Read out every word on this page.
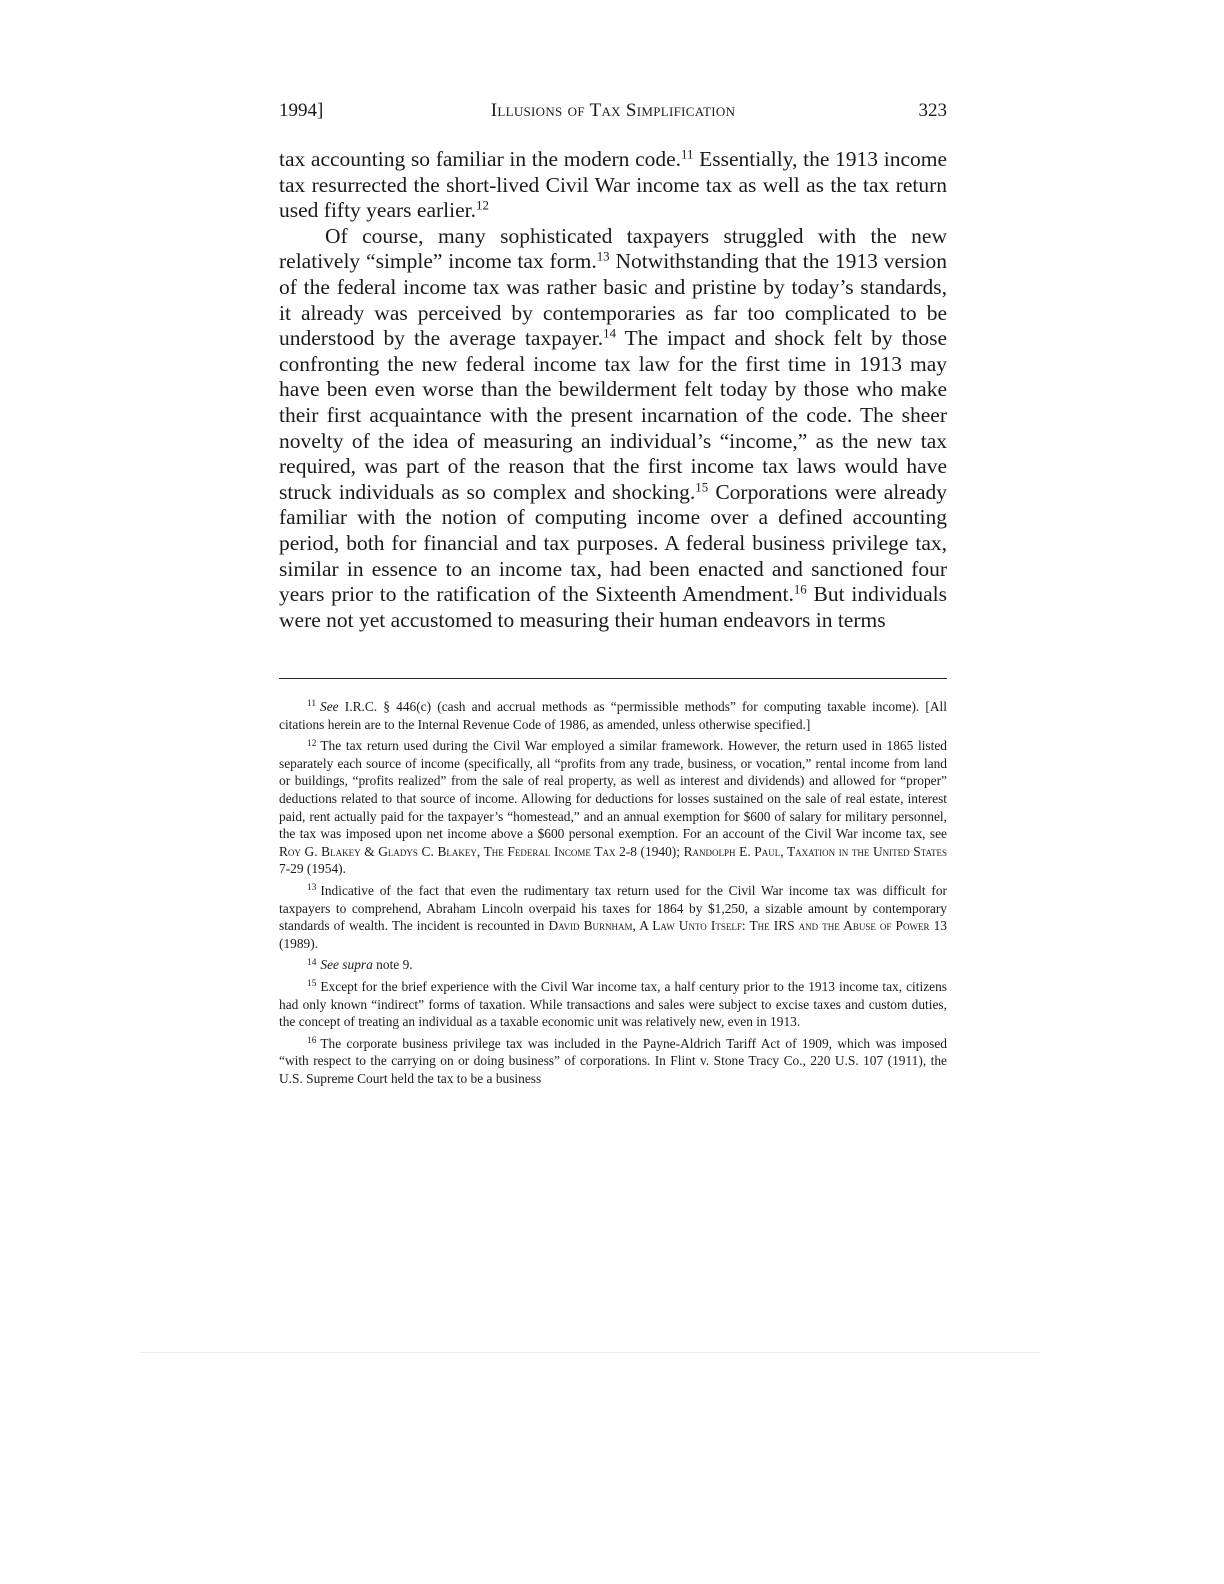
1994]	Illusions of Tax Simplification	323

tax accounting so familiar in the modern code.$^{11}$ Essentially, the 1913 income tax resurrected the short-lived Civil War income tax as well as the tax return used fifty years earlier.$^{12}$

Of course, many sophisticated taxpayers struggled with the new relatively “simple” income tax form.$^{13}$ Notwithstanding that the 1913 version of the federal income tax was rather basic and pristine by today’s standards, it already was perceived by contemporaries as far too complicated to be understood by the average taxpayer.$^{14}$ The impact and shock felt by those confronting the new federal income tax law for the first time in 1913 may have been even worse than the bewilderment felt today by those who make their first acquaintance with the present incarnation of the code. The sheer novelty of the idea of measuring an individual’s “income,” as the new tax required, was part of the reason that the first income tax laws would have struck individuals as so complex and shocking.$^{15}$ Corporations were already familiar with the notion of computing income over a defined accounting period, both for financial and tax purposes. A federal business privilege tax, similar in essence to an income tax, had been enacted and sanctioned four years prior to the ratification of the Sixteenth Amendment.$^{16}$ But individuals were not yet accustomed to measuring their human endeavors in terms

$^{11}$ See I.R.C. § 446(c) (cash and accrual methods as “permissible methods” for computing taxable income). [All citations herein are to the Internal Revenue Code of 1986, as amended, unless otherwise specified.]

$^{12}$ The tax return used during the Civil War employed a similar framework. However, the return used in 1865 listed separately each source of income (specifically, all “profits from any trade, business, or vocation,” rental income from land or buildings, “profits realized” from the sale of real property, as well as interest and dividends) and allowed for “proper” deductions related to that source of income. Allowing for deductions for losses sustained on the sale of real estate, interest paid, rent actually paid for the taxpayer’s “homestead,” and an annual exemption for $600 of salary for military personnel, the tax was imposed upon net income above a $600 personal exemption. For an account of the Civil War income tax, see Roy G. Blakey & Gladys C. Blakey, The Federal Income Tax 2-8 (1940); Randolph E. Paul, Taxation in the United States 7-29 (1954).

$^{13}$ Indicative of the fact that even the rudimentary tax return used for the Civil War income tax was difficult for taxpayers to comprehend, Abraham Lincoln overpaid his taxes for 1864 by $1,250, a sizable amount by contemporary standards of wealth. The incident is recounted in David Burnham, A Law Unto Itself: The IRS and the Abuse of Power 13 (1989).

$^{14}$ See supra note 9.

$^{15}$ Except for the brief experience with the Civil War income tax, a half century prior to the 1913 income tax, citizens had only known “indirect” forms of taxation. While transactions and sales were subject to excise taxes and custom duties, the concept of treating an individual as a taxable economic unit was relatively new, even in 1913.

$^{16}$ The corporate business privilege tax was included in the Payne-Aldrich Tariff Act of 1909, which was imposed “with respect to the carrying on or doing business” of corporations. In Flint v. Stone Tracy Co., 220 U.S. 107 (1911), the U.S. Supreme Court held the tax to be a business
